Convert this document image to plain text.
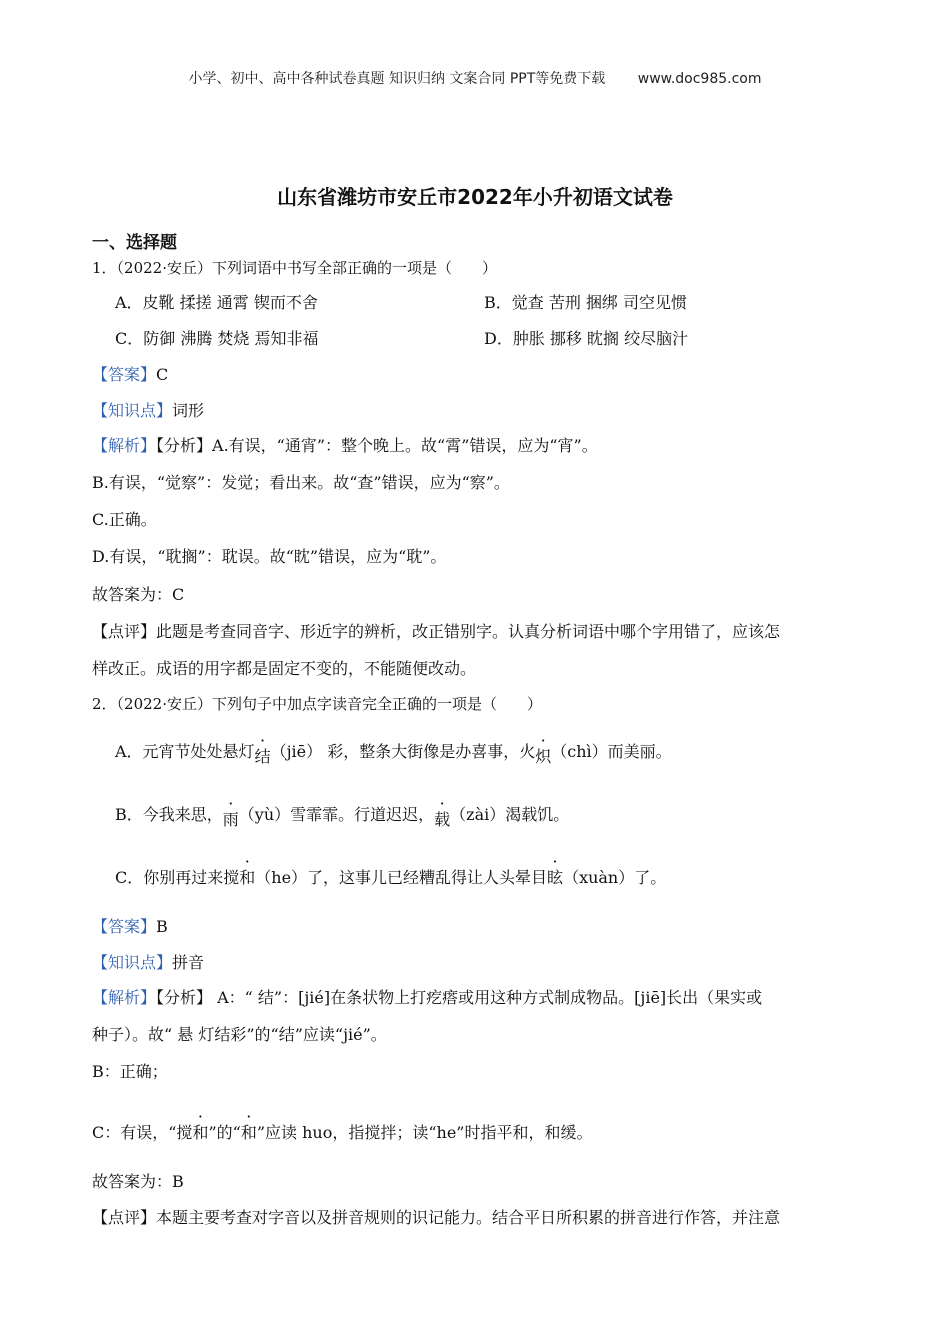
小学、初中、高中各种试卷真题 知识归纳 文案合同 PPT等免费下载 www.doc985.com
山东省潍坊市安丘市2022年小升初语文试卷
一、选择题
1．（2022·安丘）下列词语中书写全部正确的一项是（　　）
A．皮靴 揉搓 通霄 锲而不舍	B．觉查 苦刑 捆绑 司空见惯
C．防御 沸腾 焚烧 焉知非福	D．肿胀 挪移 眈搁 绞尽脑汁
【答案】C
【知识点】词形
【解析】【分析】A.有误，“通宵”：整个晚上。故“霄”错误，应为“宵”。
B.有误，“觉察”：发觉；看出来。故“查”错误，应为“察”。
C.正确。
D.有误，“耽搁”：耽误。故“眈”错误，应为“耽”。
故答案为：C
【点评】此题是考查同音字、形近字的辨析，改正错别字。认真分析词语中哪个字用错了，应该怎
样改正。成语的用字都是固定不变的，不能随便改动。
2．（2022·安丘）下列句子中加点字读音完全正确的一项是（　　）
A．元宵节处处悬灯结（jiē） 彩，整条大街像是办喜事，火炽（chì）而美丽。
B．今我来思，雨（yù）雪霏霏。行道迟迟，载（zài）渴载饥。
C．你别再过来搅和（he）了，这事儿已经糟乱得让人头晕目眩（xuàn）了。
【答案】B
【知识点】拼音
【解析】【分析】 A：“ 结”：[jié]在条状物上打疙瘩或用这种方式制成物品。[jiē]长出（果实或
种子）。故“ 悬 灯结彩”的“结”应读“jié”。
B：正确；
C：有误，“搅和”的“和”应读 huo，指搅拌；读“he”时指平和，和缓。
故答案为：B
【点评】本题主要考查对字音以及拼音规则的识记能力。结合平日所积累的拼音进行作答，并注意
